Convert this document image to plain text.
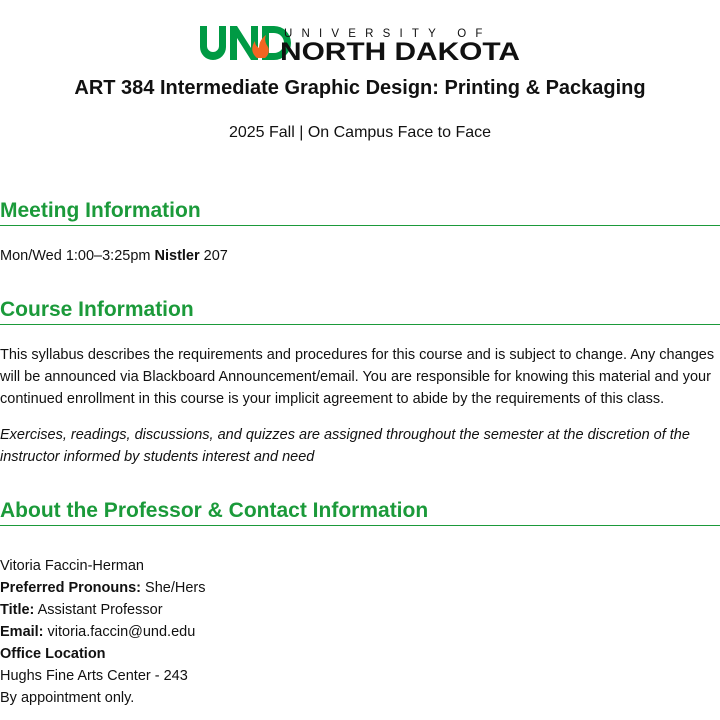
UNIVERSITY OF
NORTH DAKOTA
ART 384 Intermediate Graphic Design: Printing & Packaging

2025 Fall | On Campus Face to Face

Meeting Information

Mon/Wed 1:00–3:25pm Nistler 207

Course Information

This syllabus describes the requirements and procedures for this course and is subject to change. Any changes will be announced via Blackboard Announcement/email. You are responsible for knowing this material and your continued enrollment in this course is your implicit agreement to abide by the requirements of this class.

Exercises, readings, discussions, and quizzes are assigned throughout the semester at the discretion of the instructor informed by students interest and need

About the Professor & Contact Information

Vitoria Faccin-Herman

Preferred Pronouns: She/Hers

Title: Assistant Professor

Email: vitoria.faccin@und.edu

Office Location

Hughs Fine Arts Center - 243

By appointment only.
